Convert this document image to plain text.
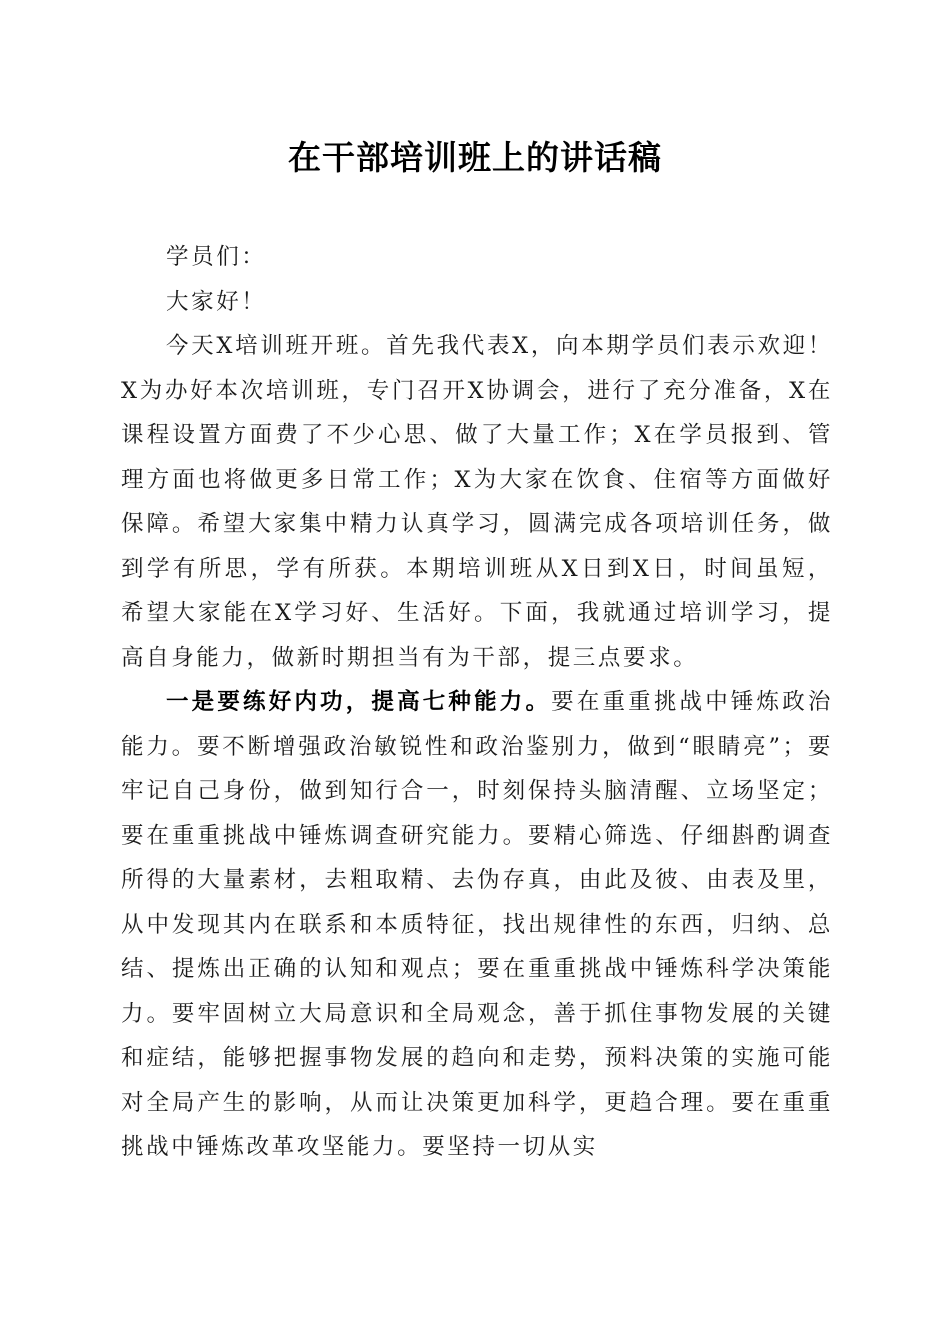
在干部培训班上的讲话稿

学员们：

大家好！

今天X培训班开班。首先我代表X，向本期学员们表示欢迎！X为办好本次培训班，专门召开X协调会，进行了充分准备，X在课程设置方面费了不少心思、做了大量工作；X在学员报到、管理方面也将做更多日常工作；X为大家在饮食、住宿等方面做好保障。希望大家集中精力认真学习，圆满完成各项培训任务，做到学有所思，学有所获。本期培训班从X日到X日，时间虽短，希望大家能在X学习好、生活好。下面，我就通过培训学习，提高自身能力，做新时期担当有为干部，提三点要求。

一是要练好内功，提高七种能力。要在重重挑战中锤炼政治能力。要不断增强政治敏锐性和政治鉴别力，做到“眼睛亮”；要牢记自己身份，做到知行合一，时刻保持头脑清醒、立场坚定；要在重重挑战中锤炼调查研究能力。要精心筛选、仔细斟酌调查所得的大量素材，去粗取精、去伪存真，由此及彼、由表及里，从中发现其内在联系和本质特征，找出规律性的东西，归纳、总结、提炼出正确的认知和观点；要在重重挑战中锤炼科学决策能力。要牢固树立大局意识和全局观念，善于抓住事物发展的关键和症结，能够把握事物发展的趋向和走势，预料决策的实施可能对全局产生的影响，从而让决策更加科学，更趋合理。要在重重挑战中锤炼改革攻坚能力。要坚持一切从实
